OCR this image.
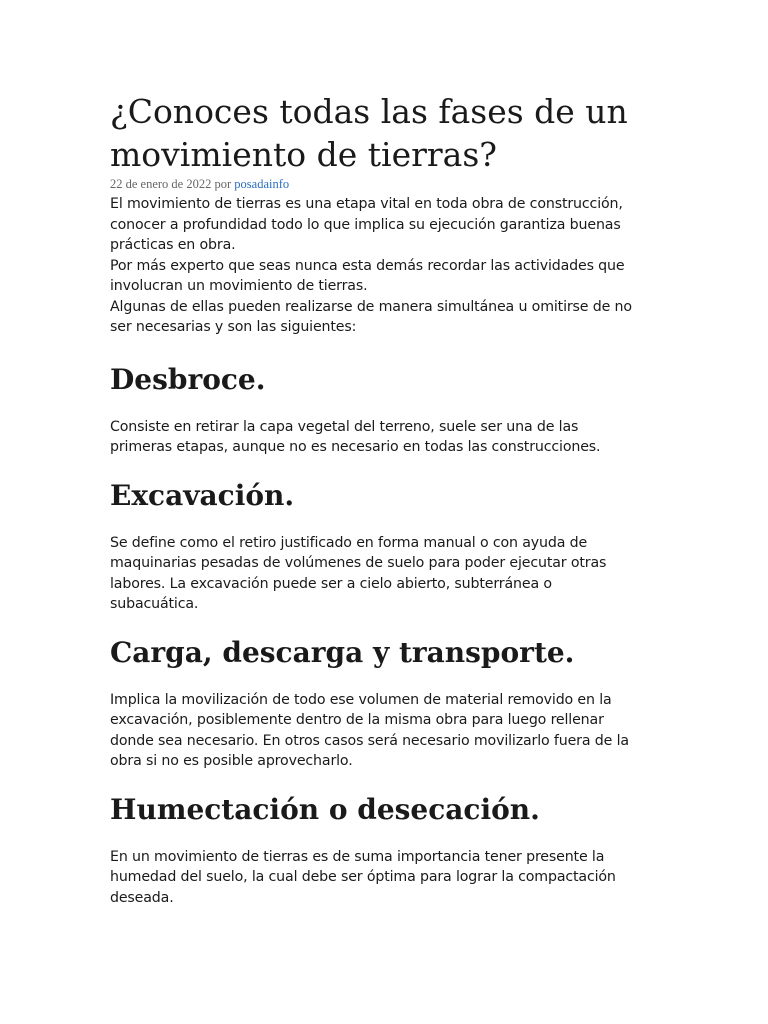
¿Conoces todas las fases de un
movimiento de tierras?

22 de enero de 2022 por posadainfo

El movimiento de tierras es una etapa vital en toda obra de construcción,
conocer a profundidad todo lo que implica su ejecución garantiza buenas
prácticas en obra.
Por más experto que seas nunca esta demás recordar las actividades que
involucran un movimiento de tierras.
Algunas de ellas pueden realizarse de manera simultánea u omitirse de no
ser necesarias y son las siguientes:

Desbroce.

Consiste en retirar la capa vegetal del terreno, suele ser una de las
primeras etapas, aunque no es necesario en todas las construcciones.

Excavación.

Se define como el retiro justificado en forma manual o con ayuda de
maquinarias pesadas de volúmenes de suelo para poder ejecutar otras
labores. La excavación puede ser a cielo abierto, subterránea o
subacuática.

Carga, descarga y transporte.

Implica la movilización de todo ese volumen de material removido en la
excavación, posiblemente dentro de la misma obra para luego rellenar
donde sea necesario. En otros casos será necesario movilizarlo fuera de la
obra si no es posible aprovecharlo.

Humectación o desecación.

En un movimiento de tierras es de suma importancia tener presente la
humedad del suelo, la cual debe ser óptima para lograr la compactación
deseada.
